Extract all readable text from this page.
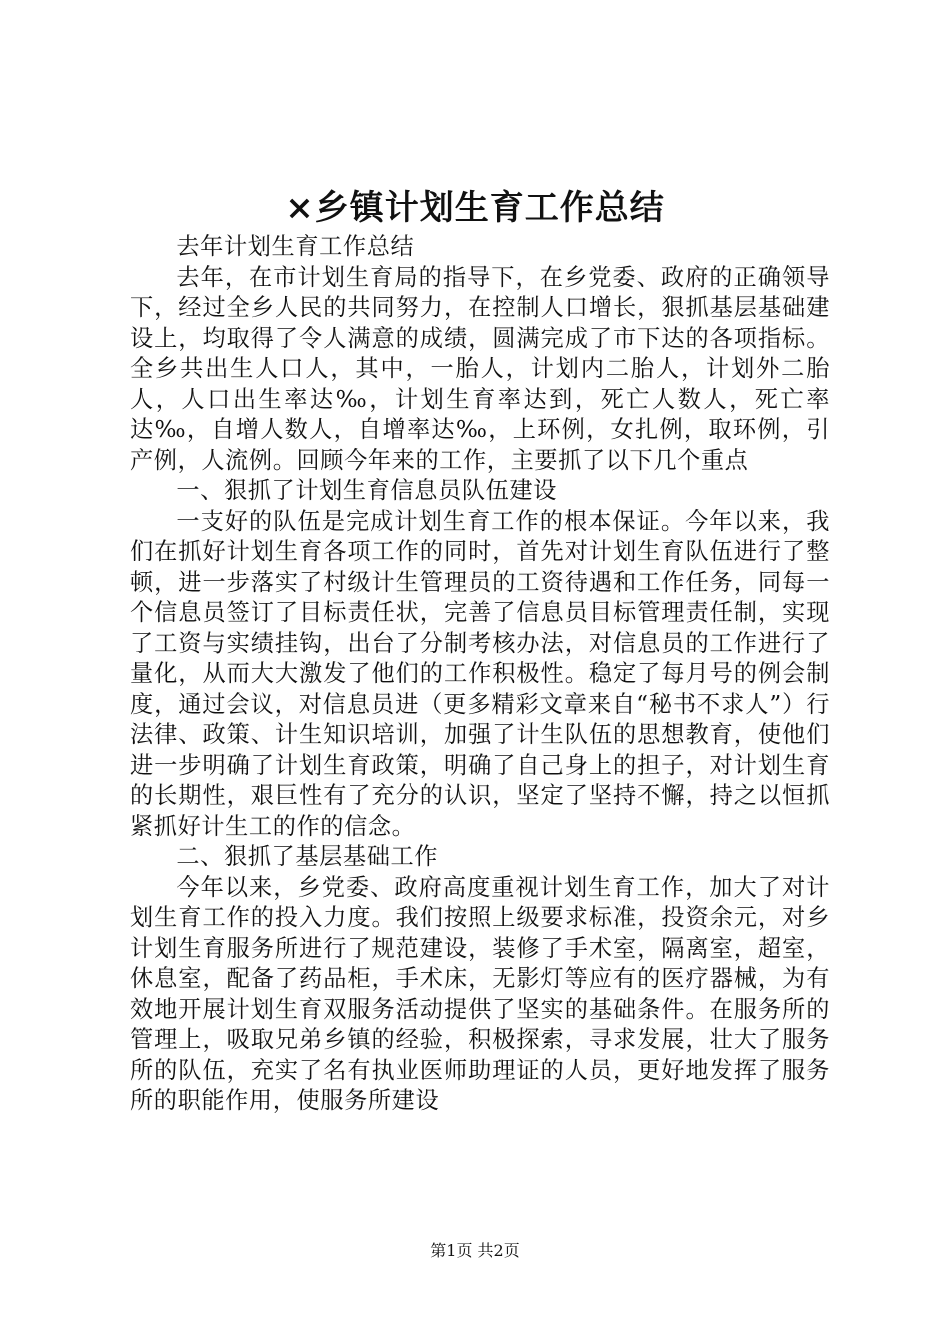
×乡镇计划生育工作总结

去年计划生育工作总结

去年，在市计划生育局的指导下，在乡党委、政府的正确领导下，经过全乡人民的共同努力，在控制人口增长，狠抓基层基础建设上，均取得了令人满意的成绩，圆满完成了市下达的各项指标。全乡共出生人口人，其中，一胎人，计划内二胎人，计划外二胎人，人口出生率达‰，计划生育率达到，死亡人数人，死亡率达‰，自增人数人，自增率达‰，上环例，女扎例，取环例，引产例，人流例。回顾今年来的工作，主要抓了以下几个重点

一、狠抓了计划生育信息员队伍建设

一支好的队伍是完成计划生育工作的根本保证。今年以来，我们在抓好计划生育各项工作的同时，首先对计划生育队伍进行了整顿，进一步落实了村级计生管理员的工资待遇和工作任务，同每一个信息员签订了目标责任状，完善了信息员目标管理责任制，实现了工资与实绩挂钩，出台了分制考核办法，对信息员的工作进行了量化，从而大大激发了他们的工作积极性。稳定了每月号的例会制度，通过会议，对信息员进（更多精彩文章来自“秘书不求人”）行法律、政策、计生知识培训，加强了计生队伍的思想教育，使他们进一步明确了计划生育政策，明确了自己身上的担子，对计划生育的长期性，艰巨性有了充分的认识，坚定了坚持不懈，持之以恒抓紧抓好计生工的作的信念。

二、狠抓了基层基础工作

今年以来，乡党委、政府高度重视计划生育工作，加大了对计划生育工作的投入力度。我们按照上级要求标准，投资余元，对乡计划生育服务所进行了规范建设，装修了手术室，隔离室，超室，休息室，配备了药品柜，手术床，无影灯等应有的医疗器械，为有效地开展计划生育双服务活动提供了坚实的基础条件。在服务所的管理上，吸取兄弟乡镇的经验，积极探索，寻求发展，壮大了服务所的队伍，充实了名有执业医师助理证的人员，更好地发挥了服务所的职能作用，使服务所建设

第1页 共2页
